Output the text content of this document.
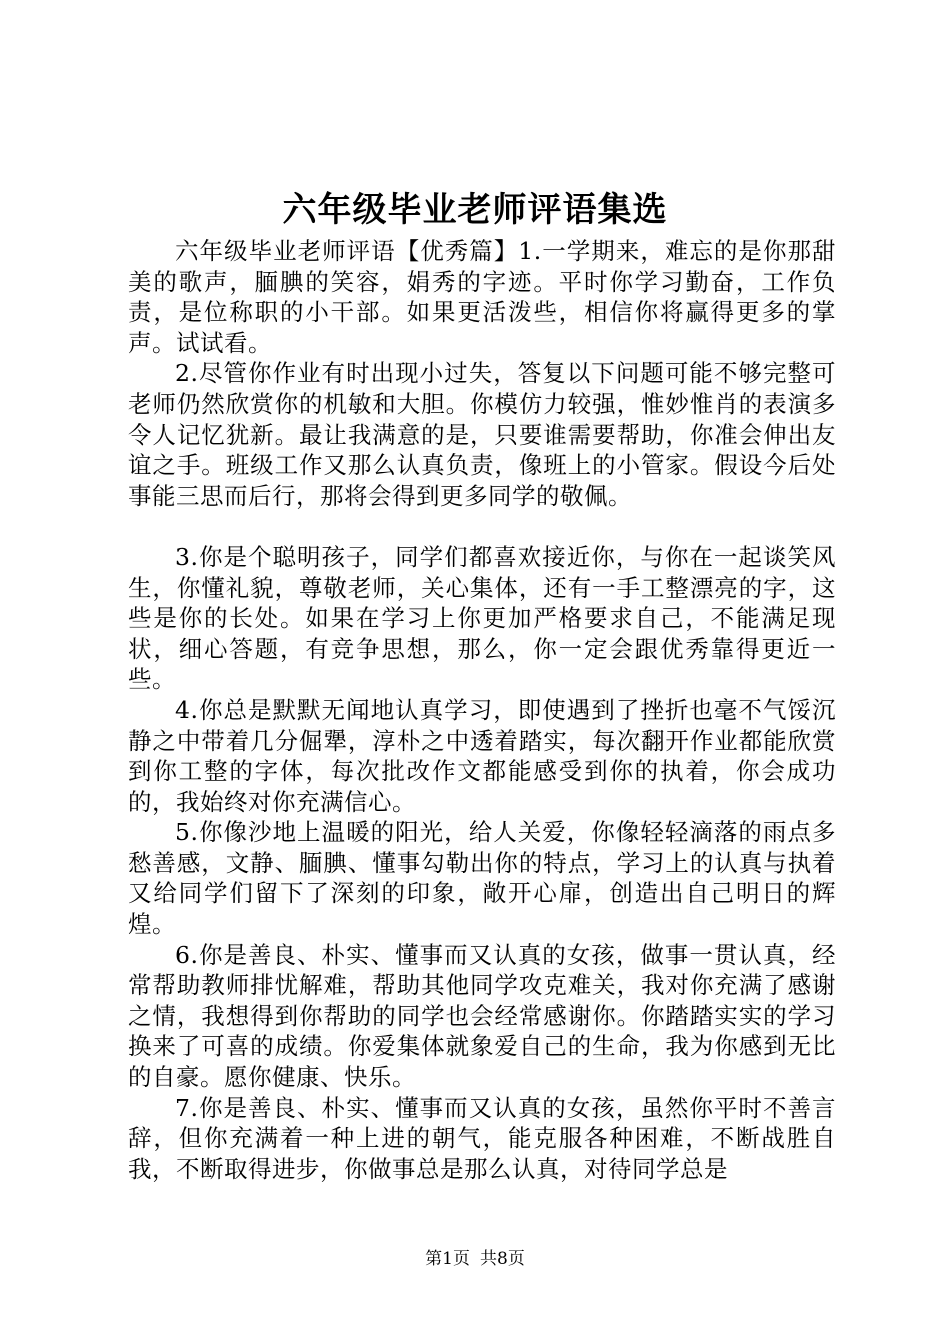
六年级毕业老师评语集选

六年级毕业老师评语【优秀篇】1.一学期来，难忘的是你那甜美的歌声，腼腆的笑容，娟秀的字迹。平时你学习勤奋，工作负责，是位称职的小干部。如果更活泼些，相信你将赢得更多的掌声。试试看。

2.尽管你作业有时出现小过失，答复以下问题可能不够完整可老师仍然欣赏你的机敏和大胆。你模仿力较强，惟妙惟肖的表演多令人记忆犹新。最让我满意的是，只要谁需要帮助，你准会伸出友谊之手。班级工作又那么认真负责，像班上的小管家。假设今后处事能三思而后行，那将会得到更多同学的敬佩。

3.你是个聪明孩子，同学们都喜欢接近你，与你在一起谈笑风生，你懂礼貌，尊敬老师，关心集体，还有一手工整漂亮的字，这些是你的长处。如果在学习上你更加严格要求自己，不能满足现状，细心答题，有竞争思想，那么，你一定会跟优秀靠得更近一些。

4.你总是默默无闻地认真学习，即使遇到了挫折也毫不气馁沉静之中带着几分倔犟，淳朴之中透着踏实，每次翻开作业都能欣赏到你工整的字体，每次批改作文都能感受到你的执着，你会成功的，我始终对你充满信心。

5.你像沙地上温暖的阳光，给人关爱，你像轻轻滴落的雨点多愁善感，文静、腼腆、懂事勾勒出你的特点，学习上的认真与执着又给同学们留下了深刻的印象，敞开心扉，创造出自己明日的辉煌。

6.你是善良、朴实、懂事而又认真的女孩，做事一贯认真，经常帮助教师排忧解难，帮助其他同学攻克难关，我对你充满了感谢之情，我想得到你帮助的同学也会经常感谢你。你踏踏实实的学习换来了可喜的成绩。你爱集体就象爱自己的生命，我为你感到无比的自豪。愿你健康、快乐。

7.你是善良、朴实、懂事而又认真的女孩，虽然你平时不善言辞，但你充满着一种上进的朝气，能克服各种困难，不断战胜自我，不断取得进步，你做事总是那么认真，对待同学总是

第1页 共8页
